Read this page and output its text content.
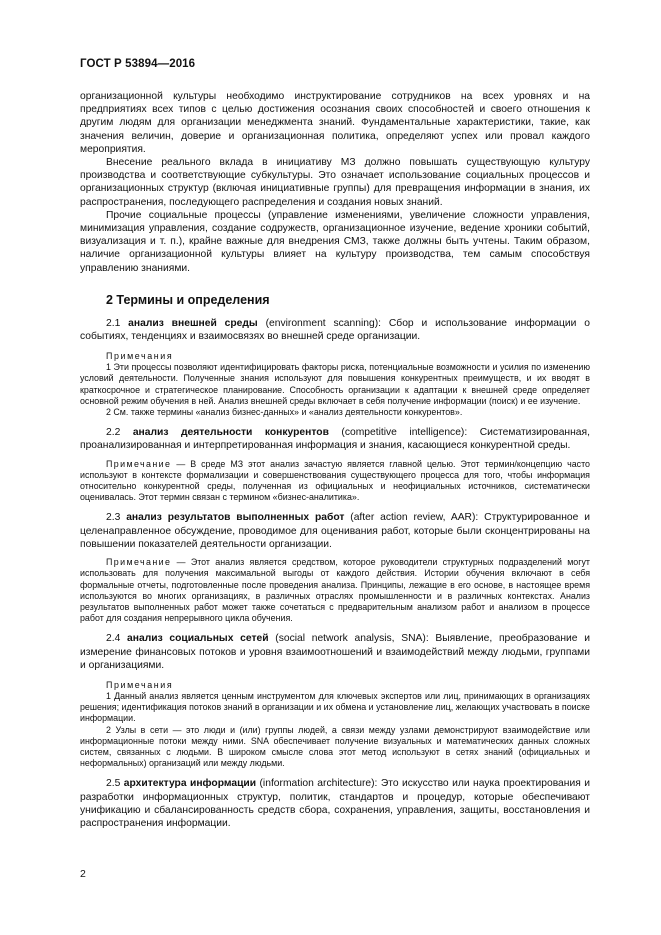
ГОСТ Р 53894—2016

организационной культуры необходимо инструктирование сотрудников на всех уровнях и на предприятиях всех типов с целью достижения осознания своих способностей и своего отношения к другим людям для организации менеджмента знаний. Фундаментальные характеристики, такие, как значения величин, доверие и организационная политика, определяют успех или провал каждого мероприятия.

Внесение реального вклада в инициативу МЗ должно повышать существующую культуру производства и соответствующие субкультуры. Это означает использование социальных процессов и организационных структур (включая инициативные группы) для превращения информации в знания, их распространения, последующего распределения и создания новых знаний.

Прочие социальные процессы (управление изменениями, увеличение сложности управления, минимизация управления, создание содружеств, организационное изучение, ведение хроники событий, визуализация и т. п.), крайне важные для внедрения СМЗ, также должны быть учтены. Таким образом, наличие организационной культуры влияет на культуру производства, тем самым способствуя управлению знаниями.

2 Термины и определения

2.1 анализ внешней среды (environment scanning): Сбор и использование информации о событиях, тенденциях и взаимосвязях во внешней среде организации.

Примечания

1 Эти процессы позволяют идентифицировать факторы риска, потенциальные возможности и усилия по изменению условий деятельности. Полученные знания используют для повышения конкурентных преимуществ, и их вводят в краткосрочное и стратегическое планирование. Способность организации к адаптации к внешней среде определяет основной режим обучения в ней. Анализ внешней среды включает в себя получение информации (поиск) и ее изучение.

2 См. также термины «анализ бизнес-данных» и «анализ деятельности конкурентов».

2.2 анализ деятельности конкурентов (competitive intelligence): Систематизированная, проанализированная и интерпретированная информация и знания, касающиеся конкурентной среды.

Примечание — В среде МЗ этот анализ зачастую является главной целью. Этот термин/концепцию часто используют в контексте формализации и совершенствования существующего процесса для того, чтобы информация относительно конкурентной среды, полученная из официальных и неофициальных источников, систематически оценивалась. Этот термин связан с термином «бизнес-аналитика».

2.3 анализ результатов выполненных работ (after action review, AAR): Структурированное и целенаправленное обсуждение, проводимое для оценивания работ, которые были сконцентрированы на повышении показателей деятельности организации.

Примечание — Этот анализ является средством, которое руководители структурных подразделений могут использовать для получения максимальной выгоды от каждого действия. Истории обучения включают в себя формальные отчеты, подготовленные после проведения анализа. Принципы, лежащие в его основе, в настоящее время используются во многих организациях, в различных отраслях промышленности и в различных контекстах. Анализ результатов выполненных работ может также сочетаться с предварительным анализом работ и анализом в процессе работ для создания непрерывного цикла обучения.

2.4 анализ социальных сетей (social network analysis, SNA): Выявление, преобразование и измерение финансовых потоков и уровня взаимоотношений и взаимодействий между людьми, группами и организациями.

Примечания

1 Данный анализ является ценным инструментом для ключевых экспертов или лиц, принимающих в организациях решения; идентификация потоков знаний в организации и их обмена и установление лиц, желающих участвовать в поиске информации.

2 Узлы в сети — это люди и (или) группы людей, а связи между узлами демонстрируют взаимодействие или информационные потоки между ними. SNA обеспечивает получение визуальных и математических данных сложных систем, связанных с людьми. В широком смысле слова этот метод используют в сетях знаний (официальных и неформальных) организаций или между людьми.

2.5 архитектура информации (information architecture): Это искусство или наука проектирования и разработки информационных структур, политик, стандартов и процедур, которые обеспечивают унификацию и сбалансированность средств сбора, сохранения, управления, защиты, восстановления и распространения информации.

2
